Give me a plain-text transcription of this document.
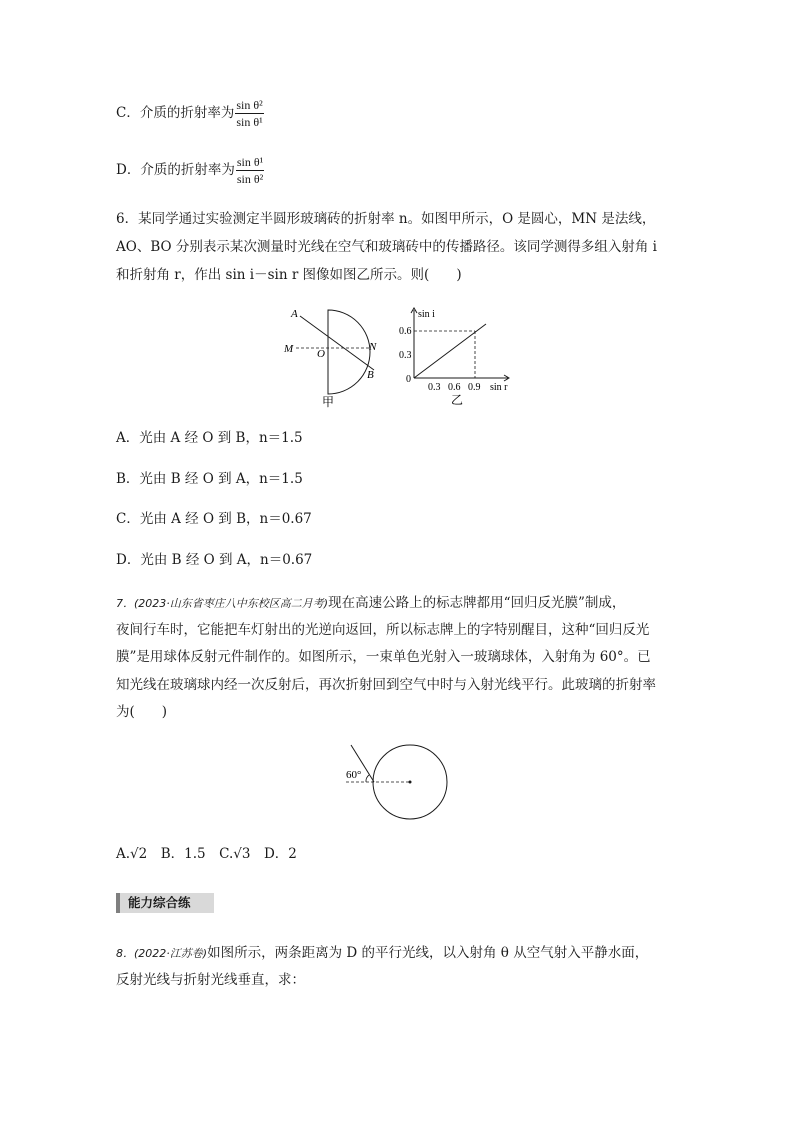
C．介质的折射率为 $\frac{\text{sin θ²}}{\text{sin θ¹}}$
D．介质的折射率为 $\frac{\text{sin θ¹}}{\text{sin θ²}}$
6．某同学通过实验测定半圆形玻璃砖的折射率 n。如图甲所示，O 是圆心，MN 是法线，
AO、BO 分别表示某次测量时光线在空气和玻璃砖中的传播路径。该同学测得多组入射角 i
和折射角 r，作出 sin i－sin r 图像如图乙所示。则(　　)
A
M O
N
B
甲
sin i
0.6
0.3
0
0.3 0.6 0.9 sin r
乙
A．光由 A 经 O 到 B，n＝1.5
B．光由 B 经 O 到 A，n＝1.5
C．光由 A 经 O 到 B，n＝0.67
D．光由 B 经 O 到 A，n＝0.67
7．(2023·山东省枣庄八中东校区高二月考)现在高速公路上的标志牌都用“回归反光膜”制成，
夜间行车时，它能把车灯射出的光逆向返回，所以标志牌上的字特别醒目，这种“回归反光
膜”是用球体反射元件制作的。如图所示，一束单色光射入一玻璃球体，入射角为 60°。已
知光线在玻璃球内经一次反射后，再次折射回到空气中时与入射光线平行。此玻璃的折射率
为(　　)
60°
A.√2　B．1.5　C.√3　D．2
能力综合练
8．(2022·江苏卷)如图所示，两条距离为 D 的平行光线，以入射角 θ 从空气射入平静水面，
反射光线与折射光线垂直，求：
